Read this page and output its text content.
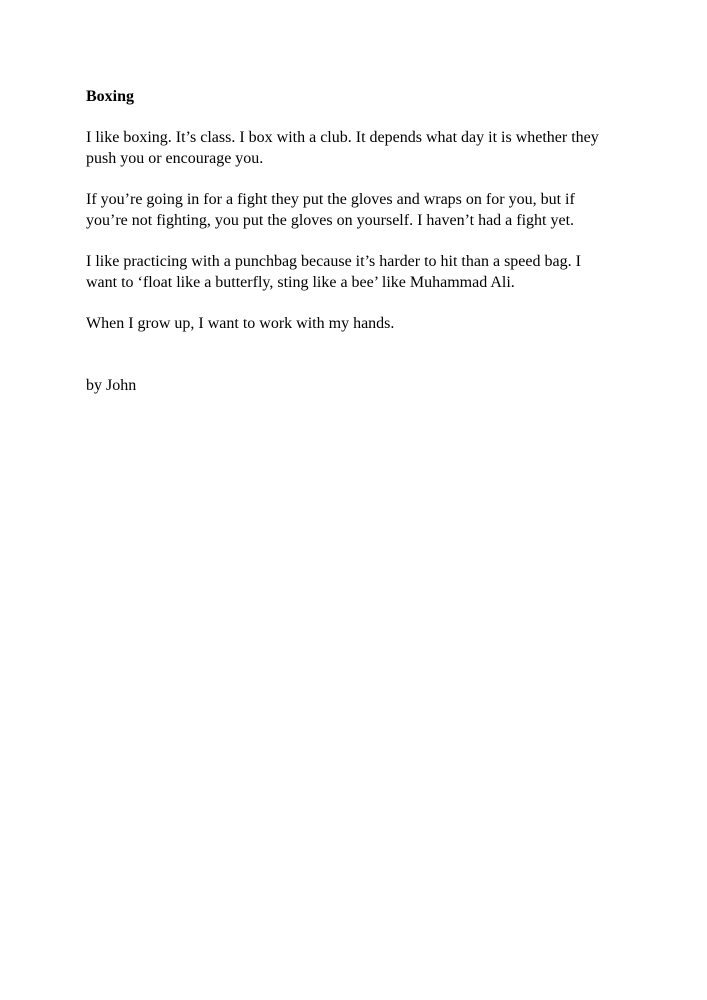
Boxing

I like boxing. It’s class. I box with a club. It depends what day it is whether they
push you or encourage you.

If you’re going in for a fight they put the gloves and wraps on for you, but if
you’re not fighting, you put the gloves on yourself. I haven’t had a fight yet.

I like practicing with a punchbag because it’s harder to hit than a speed bag. I
want to ‘float like a butterfly, sting like a bee’ like Muhammad Ali.

When I grow up, I want to work with my hands.

by John
